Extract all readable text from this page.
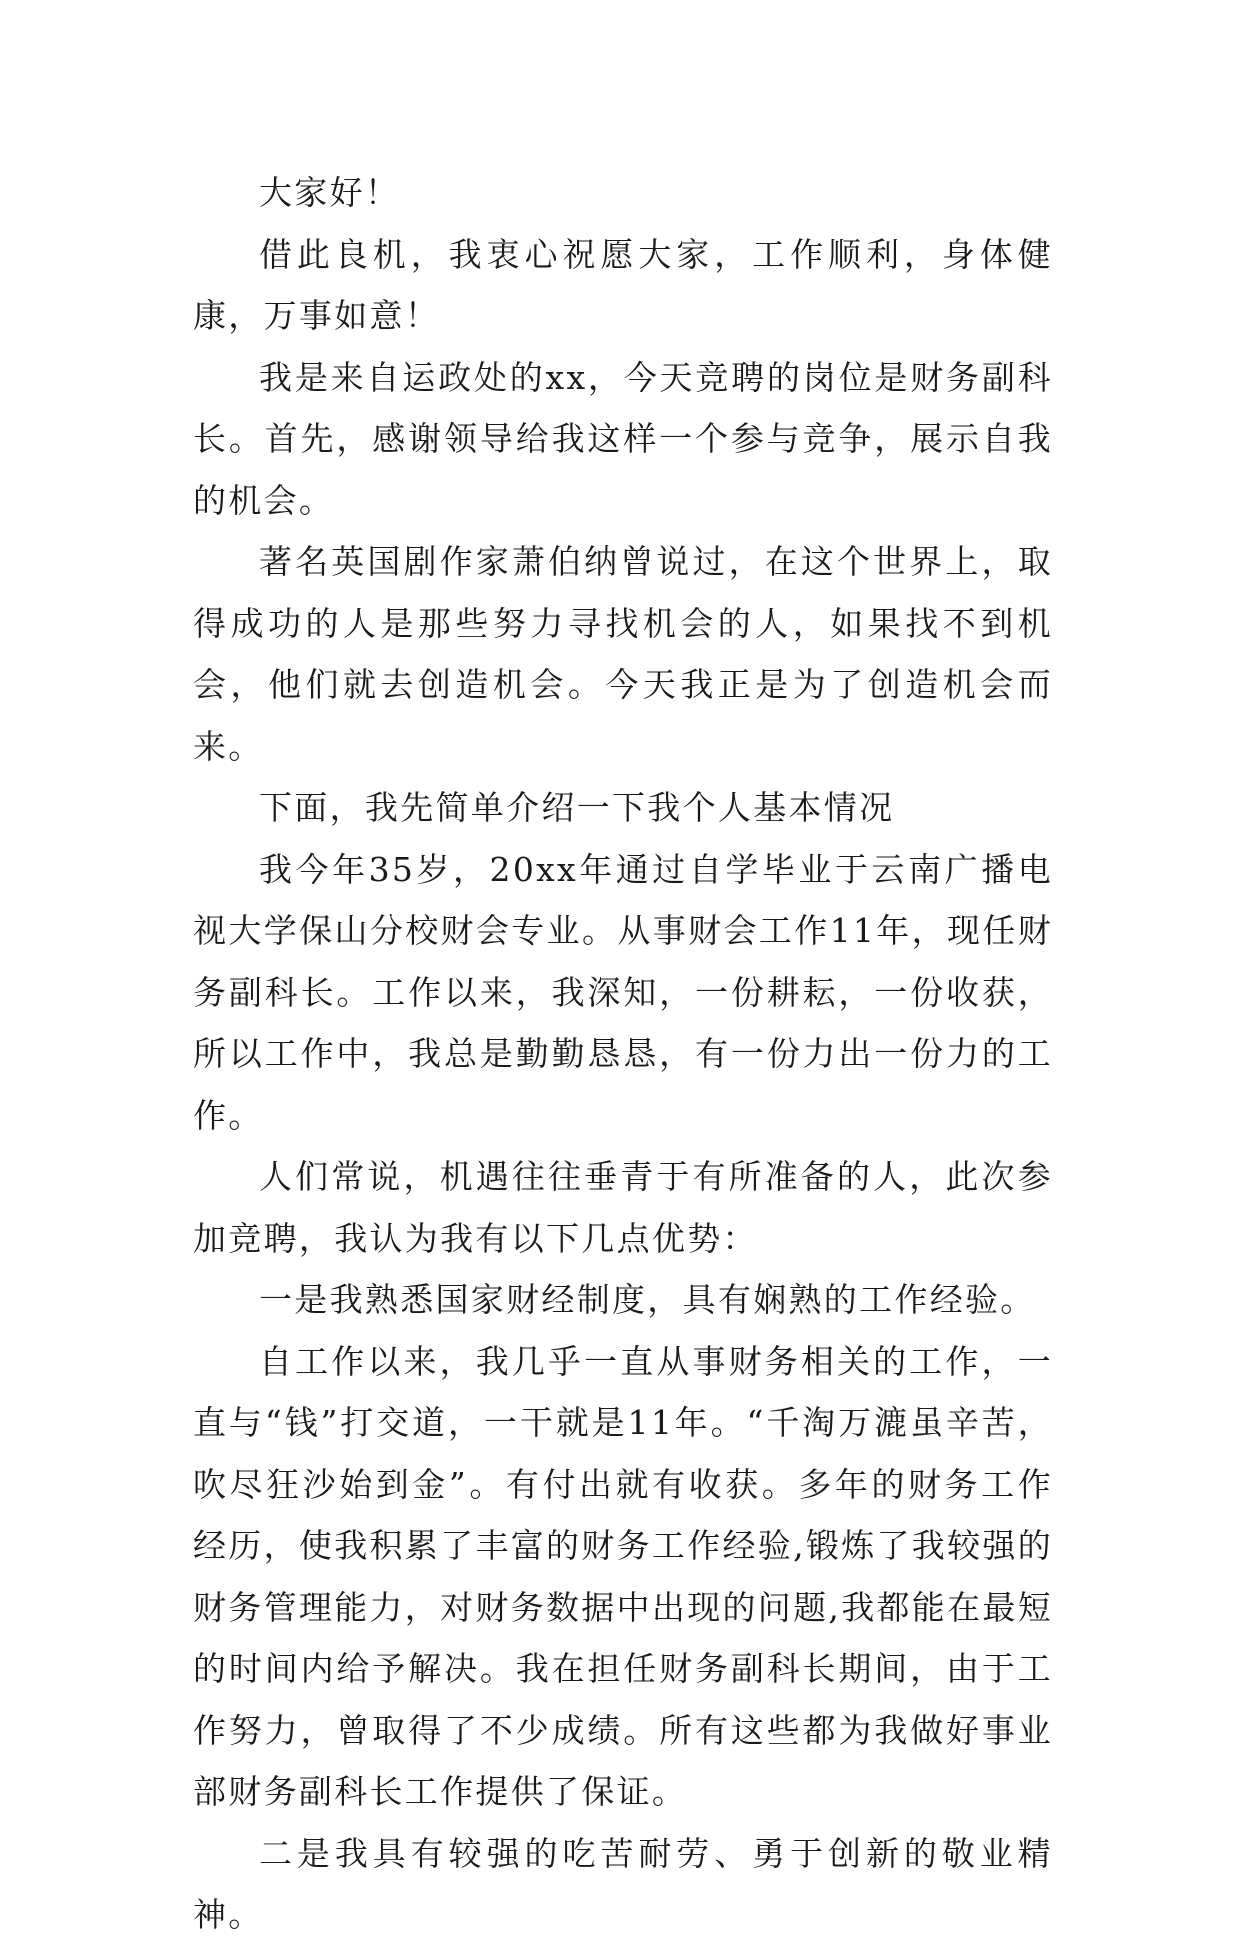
大家好！

借此良机，我衷心祝愿大家，工作顺利，身体健康，万事如意！

我是来自运政处的xx，今天竞聘的岗位是财务副科长。首先，感谢领导给我这样一个参与竞争，展示自我的机会。

著名英国剧作家萧伯纳曾说过，在这个世界上，取得成功的人是那些努力寻找机会的人，如果找不到机会，他们就去创造机会。今天我正是为了创造机会而来。

下面，我先简单介绍一下我个人基本情况

我今年35岁，20xx年通过自学毕业于云南广播电视大学保山分校财会专业。从事财会工作11年，现任财务副科长。工作以来，我深知，一份耕耘，一份收获，所以工作中，我总是勤勤恳恳，有一份力出一份力的工作。

人们常说，机遇往往垂青于有所准备的人，此次参加竞聘，我认为我有以下几点优势：

一是我熟悉国家财经制度，具有娴熟的工作经验。

自工作以来，我几乎一直从事财务相关的工作，一直与“钱”打交道，一干就是11年。“千淘万漉虽辛苦，吹尽狂沙始到金”。有付出就有收获。多年的财务工作经历，使我积累了丰富的财务工作经验,锻炼了我较强的财务管理能力，对财务数据中出现的问题,我都能在最短的时间内给予解决。我在担任财务副科长期间，由于工作努力，曾取得了不少成绩。所有这些都为我做好事业部财务副科长工作提供了保证。

二是我具有较强的吃苦耐劳、勇于创新的敬业精神。
